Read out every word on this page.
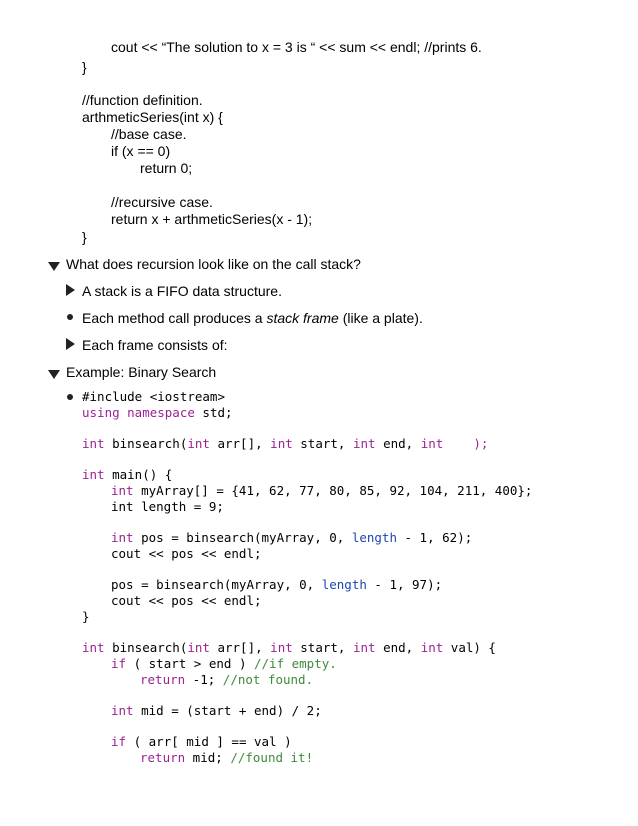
cout << “The solution to x = 3 is “ << sum << endl; //prints 6.
}
//function definition.
arthmeticSeries(int x) {
//base case.
if (x == 0)
return 0;
//recursive case.
return x + arthmeticSeries(x - 1);
}
What does recursion look like on the call stack?
A stack is a FIFO data structure.
Each method call produces a stack frame (like a plate).
Each frame consists of:
Example: Binary Search
#include <iostream>
using namespace std;
int binsearch(int arr[], int start, int end, int    );
int main() {
int myArray[] = {41, 62, 77, 80, 85, 92, 104, 211, 400};
int length = 9;
int pos = binsearch(myArray, 0, length - 1, 62);
cout << pos << endl;
pos = binsearch(myArray, 0, length - 1, 97);
cout << pos << endl;
}
int binsearch(int arr[], int start, int end, int val) {
if ( start > end ) //if empty.
return -1; //not found.
int mid = (start + end) / 2;
if ( arr[ mid ] == val )
return mid; //found it!
